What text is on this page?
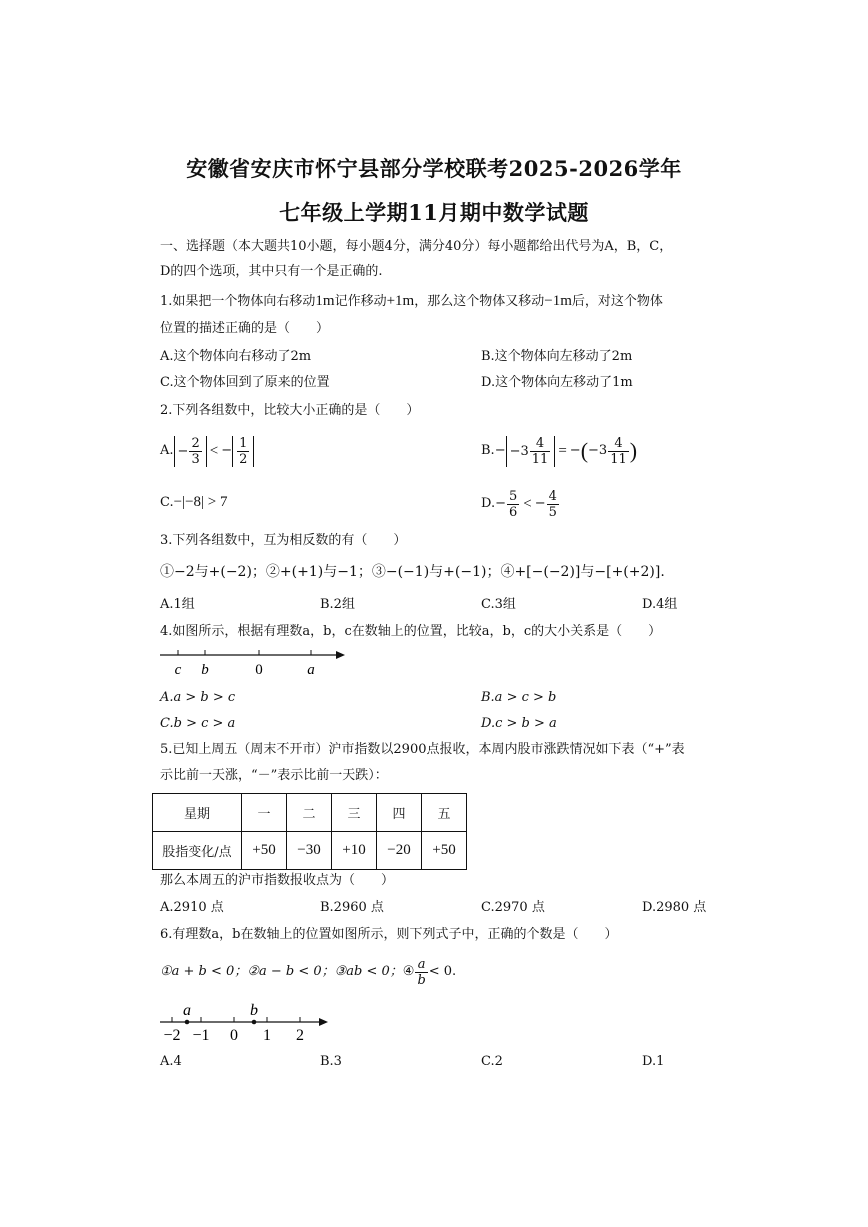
安徽省安庆市怀宁县部分学校联考2025-2026学年
七年级上学期11月期中数学试题
一、选择题（本大题共10小题，每小题4分，满分40分）每小题都给出代号为A，B，C，
D的四个选项，其中只有一个是正确的.
1.如果把一个物体向右移动1m记作移动+1m，那么这个物体又移动−1m后，对这个物体
位置的描述正确的是（　　）
A.这个物体向右移动了2m	B.这个物体向左移动了2m
C.这个物体回到了原来的位置	D.这个物体向左移动了1m
2.下列各组数中，比较大小正确的是（　　）
A. − $\frac{2}{3}$ < − $\frac{1}{2}$	B. − $-3 \frac{4}{11}$ = − ( $-3 \frac{4}{11}$ )
C.−|−8| > 7	D. − $\frac{5}{6}$ < − $\frac{4}{5}$
3.下列各组数中，互为相反数的有（　　）
①−2与+(−2)；②+(+1)与−1；③−(−1)与+(−1)；④+[−(−2)]与−[+(+2)].
A.1组	B.2组	C.3组	D.4组
4.如图所示，根据有理数a，b，c在数轴上的位置，比较a，b，c的大小关系是（　　）
c b	0	a
A.a > b > c	B.a > c > b
C.b > c > a	D.c > b > a
5.已知上周五（周末不开市）沪市指数以2900点报收，本周内股市涨跌情况如下表（“+”表
示比前一天涨，“－”表示比前一天跌）：
星期	一	二	三	四	五
股指变化/点	+50	−30	+10	−20	+50
那么本周五的沪市指数报收点为（　　）
A.2910 点	B.2960 点	C.2970 点	D.2980 点
6.有理数a，b在数轴上的位置如图所示，则下列式子中，正确的个数是（　　）
①a + b < 0； ②a − b < 0； ③ab < 0； ④ $\frac{a}{b} < 0$.
a	b
−2 −1 0 1 2
A.4	B.3	C.2	D.1
